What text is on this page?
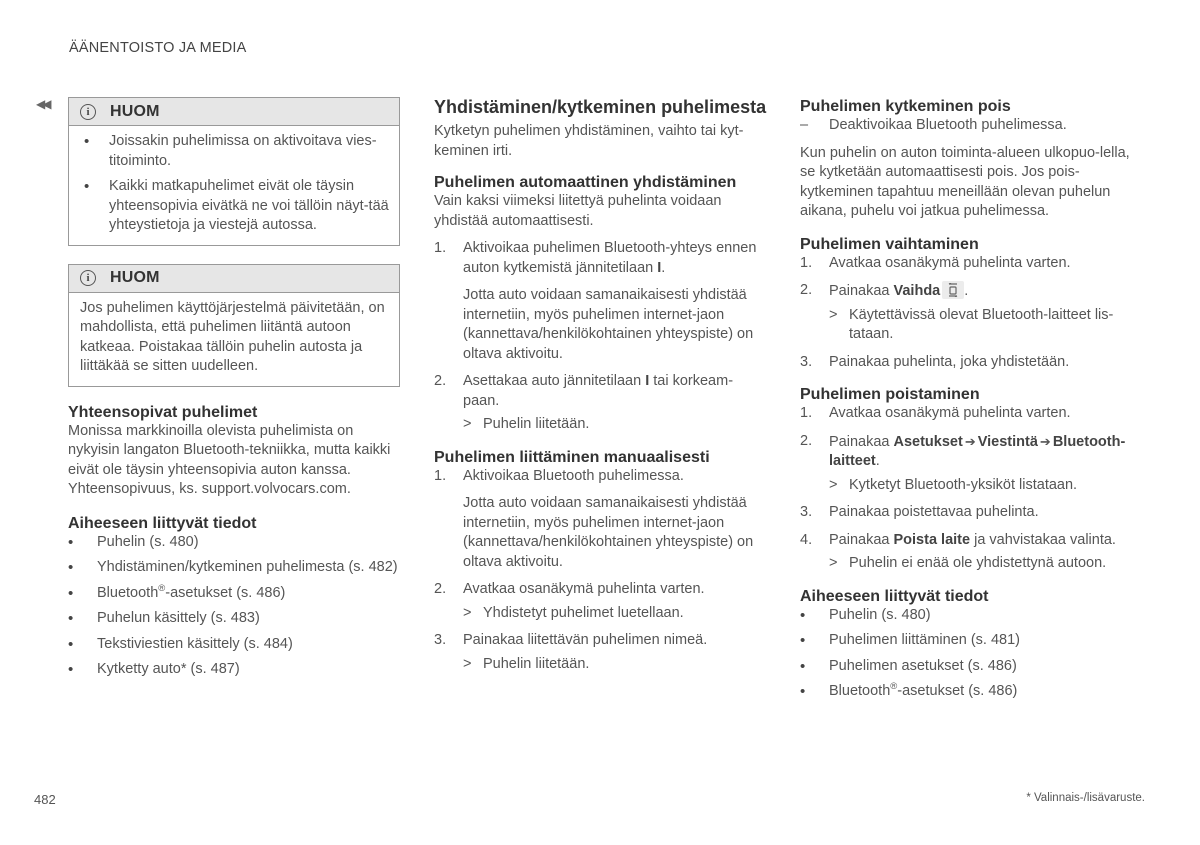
ÄÄNENTOISTO JA MEDIA
◀◀
i	HUOM
• Joissakin puhelimissa on aktivoitava vies-titoiminto.
• Kaikki matkapuhelimet eivät ole täysin yhteensopivia eivätkä ne voi tällöin näyt-tää yhteystietoja ja viestejä autossa.
i	HUOM

Jos puhelimen käyttöjärjestelmä päivitetään, on mahdollista, että puhelimen liitäntä autoon katkeaa. Poistakaa tällöin puhelin autosta ja liittäkää se sitten uudelleen.

Yhteensopivat puhelimet

Monissa markkinoilla olevista puhelimista on nykyisin langaton Bluetooth-tekniikka, mutta kaikki eivät ole täysin yhteensopivia auton kanssa. Yhteensopivuus, ks. support.volvocars.com.

Aiheeseen liittyvät tiedot
• Puhelin (s. 480)
• Yhdistäminen/kytkeminen puhelimesta (s. 482)
• Bluetooth®-asetukset (s. 486)
• Puhelun käsittely (s. 483)
• Tekstiviestien käsittely (s. 484)
• Kytketty auto* (s. 487)
Yhdistäminen/kytkeminen puhelimesta

Kytketyn puhelimen yhdistäminen, vaihto tai kyt-keminen irti.

Puhelimen automaattinen yhdistäminen

Vain kaksi viimeksi liitettyä puhelinta voidaan yhdistää automaattisesti.

1. Aktivoikaa puhelimen Bluetooth-yhteys ennen auton kytkemistä jännitetilaan I.

Jotta auto voidaan samanaikaisesti yhdistää internetiin, myös puhelimen internet-jaon (kannettava/henkilökohtainen yhteyspiste) on oltava aktivoitu.

2. Asettakaa auto jännitetilaan I tai korkeam-paan.
> Puhelin liitetään.
Puhelimen liittäminen manuaalisesti
1. Aktivoikaa Bluetooth puhelimessa.

Jotta auto voidaan samanaikaisesti yhdistää internetiin, myös puhelimen internet-jaon (kannettava/henkilökohtainen yhteyspiste) on oltava aktivoitu.

2. Avatkaa osanäkymä puhelinta varten.
> Yhdistetyt puhelimet luetellaan.
3. Painakaa liitettävän puhelimen nimeä.
> Puhelin liitetään.
Puhelimen kytkeminen pois
– Deaktivoikaa Bluetooth puhelimessa.

Kun puhelin on auton toiminta-alueen ulkopuo-lella, se kytketään automaattisesti pois. Jos pois-kytkeminen tapahtuu meneillään olevan puhelun aikana, puhelu voi jatkua puhelimessa.

Puhelimen vaihtaminen
1. Avatkaa osanäkymä puhelinta varten.
2. Painakaa Vaihda .
> Käytettävissä olevat Bluetooth-laitteet lis-tataan.
3. Painakaa puhelinta, joka yhdistetään.
Puhelimen poistaminen
1. Avatkaa osanäkymä puhelinta varten.
2. Painakaa Asetukset ➔ Viestintä ➔ Bluetooth-laitteet.
> Kytketyt Bluetooth-yksiköt listataan.
3. Painakaa poistettavaa puhelinta.
4. Painakaa Poista laite ja vahvistakaa valinta.
> Puhelin ei enää ole yhdistettynä autoon.
Aiheeseen liittyvät tiedot
• Puhelin (s. 480)
• Puhelimen liittäminen (s. 481)
• Puhelimen asetukset (s. 486)
• Bluetooth®-asetukset (s. 486)
482	* Valinnais-/lisävaruste.
